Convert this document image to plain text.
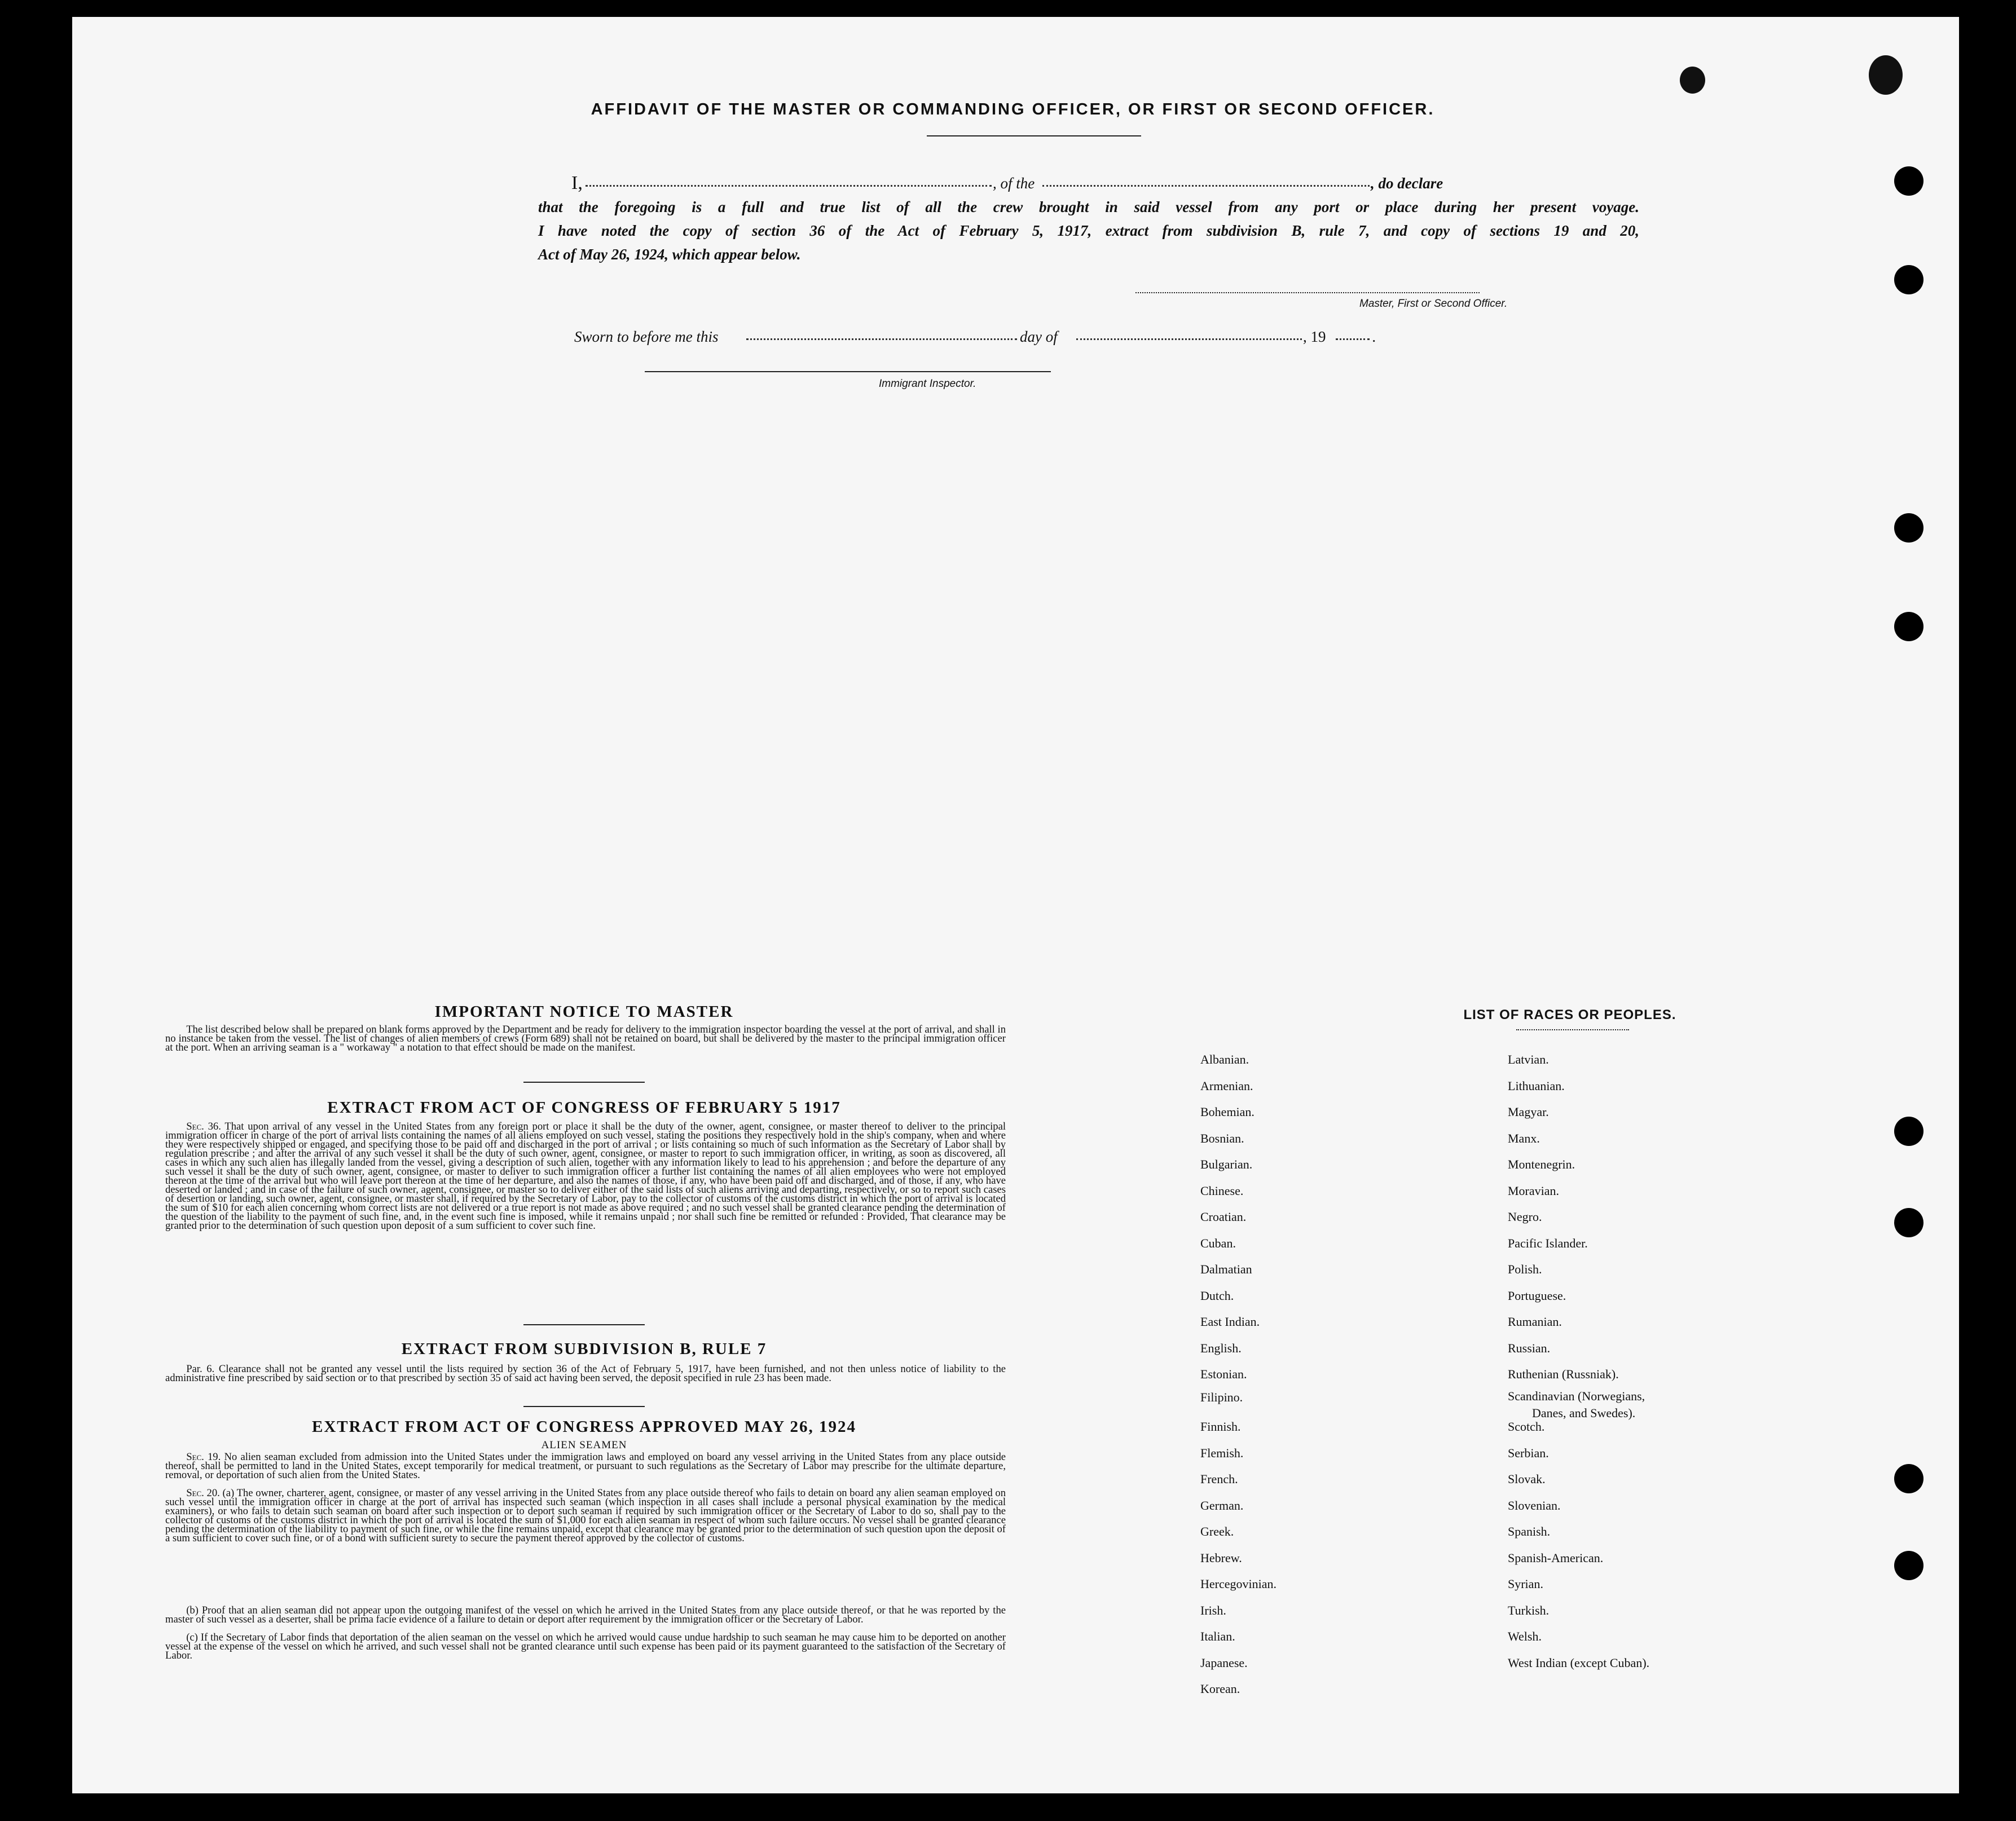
AFFIDAVIT OF THE MASTER OR COMMANDING OFFICER, OR FIRST OR SECOND OFFICER.
I,	, of the	, do declare
that the foregoing is a full and true list of all the crew brought in said vessel from any port or place during her present voyage.
I have noted the copy of section 36 of the Act of February 5, 1917, extract from subdivision B, rule 7, and copy of sections 19 and 20,
Act of May 26, 1924, which appear below.
Master, First or Second Officer.
Sworn to before me this	day of	, 19	.
Immigrant Inspector.
IMPORTANT NOTICE TO MASTER
The list described below shall be prepared on blank forms approved by the Department and be ready for delivery to the immigration inspector boarding the vessel at the port of arrival, and shall in no instance be taken from the vessel. The list of changes of alien members of crews (Form 689) shall not be retained on board, but shall be delivered by the master to the principal immigration officer at the port. When an arriving seaman is a " workaway " a notation to that effect should be made on the manifest.
EXTRACT FROM ACT OF CONGRESS OF FEBRUARY 5 1917
Sec. 36. That upon arrival of any vessel in the United States from any foreign port or place it shall be the duty of the owner, agent, consignee, or master thereof to deliver to the principal immigration officer in charge of the port of arrival lists containing the names of all aliens employed on such vessel, stating the positions they respectively hold in the ship's company, when and where they were respectively shipped or engaged, and specifying those to be paid off and discharged in the port of arrival ; or lists containing so much of such information as the Secretary of Labor shall by regulation prescribe ; and after the arrival of any such vessel it shall be the duty of such owner, agent, consignee, or master to report to such immigration officer, in writing, as soon as discovered, all cases in which any such alien has illegally landed from the vessel, giving a description of such alien, together with any information likely to lead to his apprehension ; and before the departure of any such vessel it shall be the duty of such owner, agent, consignee, or master to deliver to such immigration officer a further list containing the names of all alien employees who were not employed thereon at the time of the arrival but who will leave port thereon at the time of her departure, and also the names of those, if any, who have been paid off and discharged, and of those, if any, who have deserted or landed ; and in case of the failure of such owner, agent, consignee, or master so to deliver either of the said lists of such aliens arriving and departing, respectively, or so to report such cases of desertion or landing, such owner, agent, consignee, or master shall, if required by the Secretary of Labor, pay to the collector of customs of the customs district in which the port of arrival is located the sum of $10 for each alien concerning whom correct lists are not delivered or a true report is not made as above required ; and no such vessel shall be granted clearance pending the determination of the question of the liability to the payment of such fine, and, in the event such fine is imposed, while it remains unpaid ; nor shall such fine be remitted or refunded : Provided, That clearance may be granted prior to the determination of such question upon deposit of a sum sufficient to cover such fine.
EXTRACT FROM SUBDIVISION B, RULE 7
Par. 6. Clearance shall not be granted any vessel until the lists required by section 36 of the Act of February 5, 1917, have been furnished, and not then unless notice of liability to the administrative fine prescribed by said section or to that prescribed by section 35 of said act having been served, the deposit specified in rule 23 has been made.
EXTRACT FROM ACT OF CONGRESS APPROVED MAY 26, 1924
ALIEN SEAMEN
Sec. 19. No alien seaman excluded from admission into the United States under the immigration laws and employed on board any vessel arriving in the United States from any place outside thereof, shall be permitted to land in the United States, except temporarily for medical treatment, or pursuant to such regulations as the Secretary of Labor may prescribe for the ultimate departure, removal, or deportation of such alien from the United States.
Sec. 20. (a) The owner, charterer, agent, consignee, or master of any vessel arriving in the United States from any place outside thereof who fails to detain on board any alien seaman employed on such vessel until the immigration officer in charge at the port of arrival has inspected such seaman (which inspection in all cases shall include a personal physical examination by the medical examiners), or who fails to detain such seaman on board after such inspection or to deport such seaman if required by such immigration officer or the Secretary of Labor to do so, shall pay to the collector of customs of the customs district in which the port of arrival is located the sum of $1,000 for each alien seaman in respect of whom such failure occurs. No vessel shall be granted clearance pending the determination of the liability to payment of such fine, or while the fine remains unpaid, except that clearance may be granted prior to the determination of such question upon the deposit of a sum sufficient to cover such fine, or of a bond with sufficient surety to secure the payment thereof approved by the collector of customs.
(b) Proof that an alien seaman did not appear upon the outgoing manifest of the vessel on which he arrived in the United States from any place outside thereof, or that he was reported by the master of such vessel as a deserter, shall be prima facie evidence of a failure to detain or deport after requirement by the immigration officer or the Secretary of Labor.
(c) If the Secretary of Labor finds that deportation of the alien seaman on the vessel on which he arrived would cause undue hardship to such seaman he may cause him to be deported on another vessel at the expense of the vessel on which he arrived, and such vessel shall not be granted clearance until such expense has been paid or its payment guaranteed to the satisfaction of the Secretary of Labor.
LIST OF RACES OR PEOPLES.
Albanian.
Armenian.
Bohemian.
Bosnian.
Bulgarian.
Chinese.
Croatian.
Cuban.
Dalmatian
Dutch.
East Indian.
English.
Estonian.
Filipino.
Finnish.
Flemish.
French.
German.
Greek.
Hebrew.
Hercegovinian.
Irish.
Italian.
Japanese.
Korean.
Latvian.
Lithuanian.
Magyar.
Manx.
Montenegrin.
Moravian.
Negro.
Pacific Islander.
Polish.
Portuguese.
Rumanian.
Russian.
Ruthenian (Russniak).
Scandinavian (Norwegians,
Danes, and Swedes).
Scotch.
Serbian.
Slovak.
Slovenian.
Spanish.
Spanish-American.
Syrian.
Turkish.
Welsh.
West Indian (except Cuban).
